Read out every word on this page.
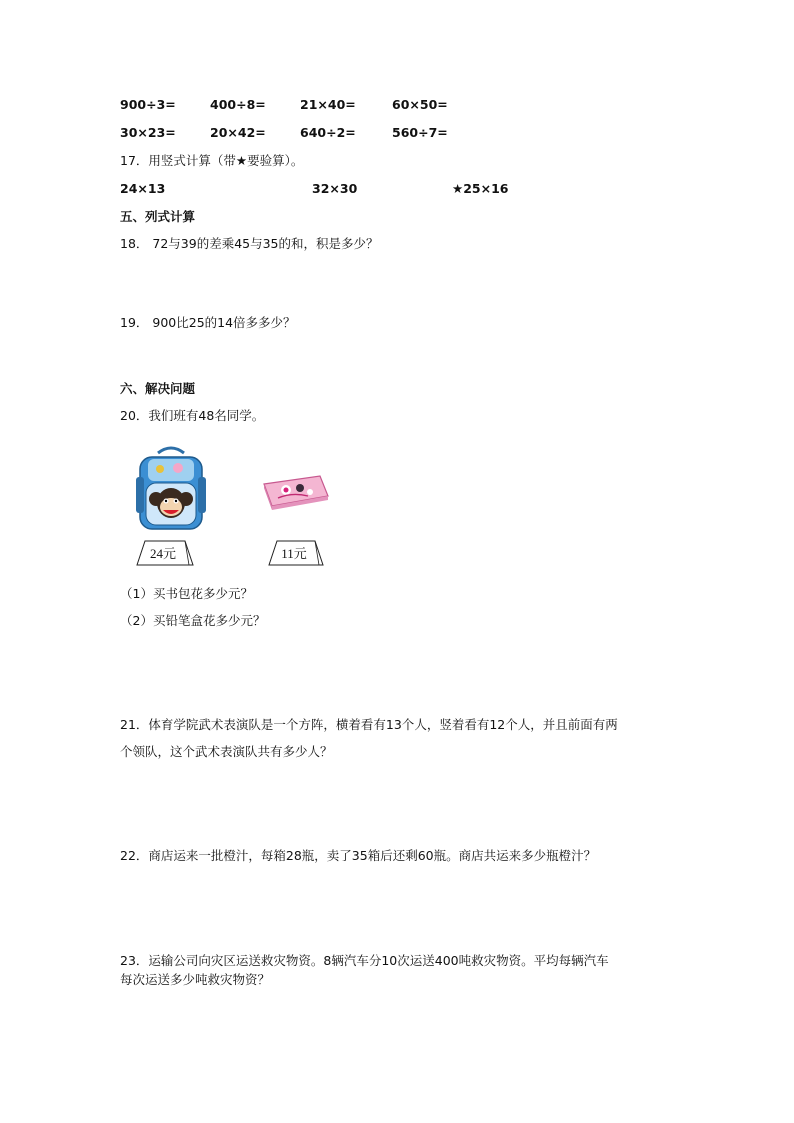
900÷3=	400÷8=	21×40=	60×50=
30×23=	20×42=	640÷2=	560÷7=
17．用竖式计算（带★要验算）。
24×13	32×30	★25×16
五、列式计算
18． 72与39的差乘45与35的和，积是多少？
19． 900比25的14倍多多少？
六、解决问题
20．我们班有48名同学。
24元	11元
（1）买书包花多少元？
（2）买铅笔盒花多少元？
21．体育学院武术表演队是一个方阵，横着看有13个人，竖着看有12个人，并且前面有两
个领队，这个武术表演队共有多少人？
22．商店运来一批橙汁，每箱28瓶，卖了35箱后还剩60瓶。商店共运来多少瓶橙汁？
23．运输公司向灾区运送救灾物资。8辆汽车分10次运送400吨救灾物资。平均每辆汽车
每次运送多少吨救灾物资？
